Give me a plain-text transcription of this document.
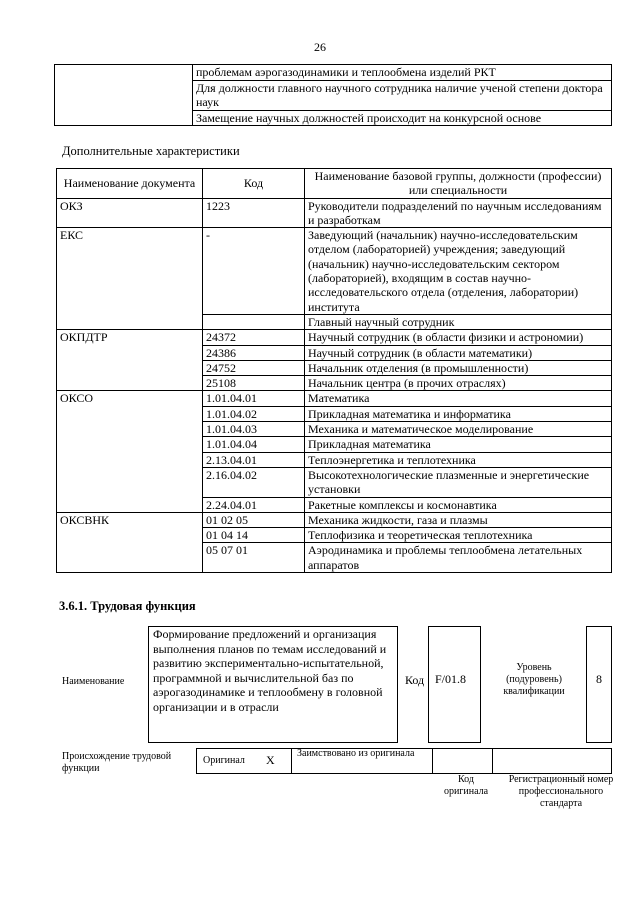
26
	проблемам аэрогазодинамики и теплообмена изделий РКТ
Для должности главного научного сотрудника наличие ученой степени доктора наук
Замещение научных должностей происходит на конкурсной основе
Дополнительные характеристики
Наименование документа	Код	Наименование базовой группы, должности (профессии) или специальности
ОКЗ	1223	Руководители подразделений по научным исследованиям и разработкам
ЕКС	-	Заведующий (начальник) научно-исследовательским отделом (лабораторией) учреждения; заведующий (начальник) научно-исследовательским сектором (лабораторией), входящим в состав научно-исследовательского отдела (отделения, лаборатории) института
		Главный научный сотрудник
ОКПДТР	24372	Научный сотрудник (в области физики и астрономии)
	24386	Научный сотрудник (в области математики)
	24752	Начальник отделения (в промышленности)
	25108	Начальник центра (в прочих отраслях)
ОКСО	1.01.04.01	Математика
	1.01.04.02	Прикладная математика и информатика
	1.01.04.03	Механика и математическое моделирование
	1.01.04.04	Прикладная математика
	2.13.04.01	Теплоэнергетика и теплотехника
	2.16.04.02	Высокотехнологические плазменные и энергетические установки
	2.24.04.01	Ракетные комплексы и космонавтика
ОКСВНК	01 02 05	Механика жидкости, газа и плазмы
	01 04 14	Теплофизика и теоретическая теплотехника
	05 07 01	Аэродинамика и проблемы теплообмена летательных аппаратов
3.6.1. Трудовая функция
Наименование
Формирование предложений и организация выполнения планов по темам исследований и развитию экспериментально-испытательной, программной и вычислительной баз по аэрогазодинамике и теплообмену в головной организации и в отрасли
Код F/01.8
Уровень (подуровень) квалификации
8
Происхождение трудовой функции
Оригинал X Заимствовано из оригинала
Код оригинала
Регистрационный номер профессионального стандарта
